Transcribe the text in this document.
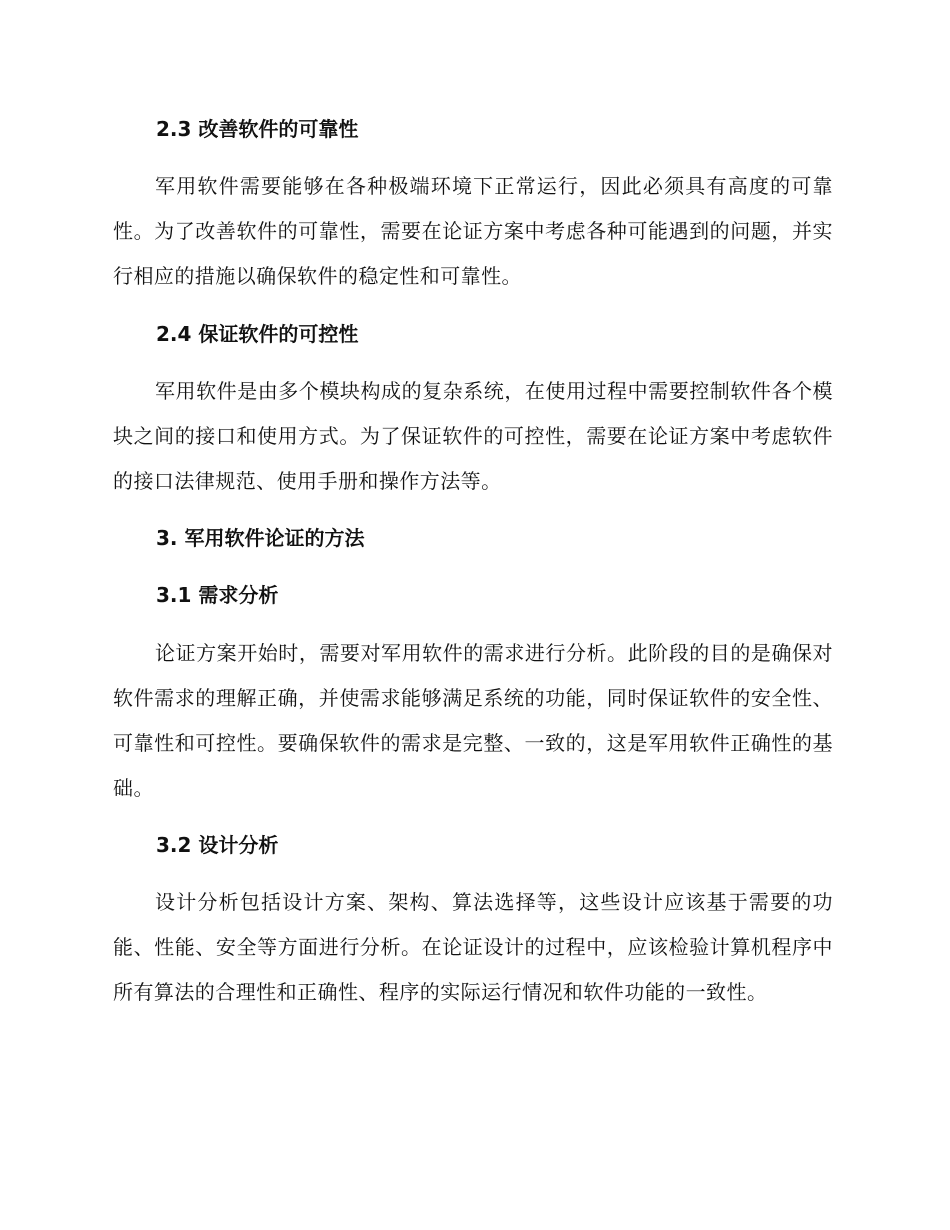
2.3 改善软件的可靠性

军用软件需要能够在各种极端环境下正常运行，因此必须具有高度的可靠性。为了改善软件的可靠性，需要在论证方案中考虑各种可能遇到的问题，并实行相应的措施以确保软件的稳定性和可靠性。

2.4 保证软件的可控性

军用软件是由多个模块构成的复杂系统，在使用过程中需要控制软件各个模块之间的接口和使用方式。为了保证软件的可控性，需要在论证方案中考虑软件的接口法律规范、使用手册和操作方法等。

3. 军用软件论证的方法
3.1 需求分析

论证方案开始时，需要对军用软件的需求进行分析。此阶段的目的是确保对软件需求的理解正确，并使需求能够满足系统的功能，同时保证软件的安全性、可靠性和可控性。要确保软件的需求是完整、一致的，这是军用软件正确性的基础。

3.2 设计分析

设计分析包括设计方案、架构、算法选择等，这些设计应该基于需要的功能、性能、安全等方面进行分析。在论证设计的过程中，应该检验计算机程序中所有算法的合理性和正确性、程序的实际运行情况和软件功能的一致性。
